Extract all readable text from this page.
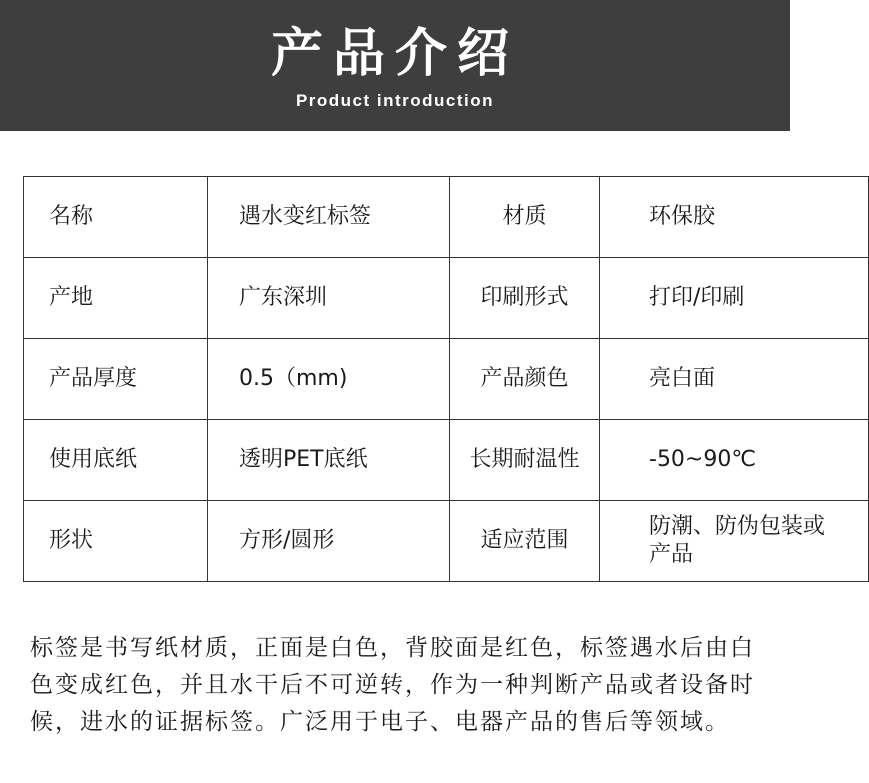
产品介绍
Product introduction
名称	遇水变红标签	材质	环保胶
产地	广东深圳	印刷形式	打印/印刷
产品厚度	0.5（mm)	产品颜色	亮白面
使用底纸	透明PET底纸	长期耐温性	-50~90℃
形状	方形/圆形	适应范围	防潮、防伪包装或产品
标签是书写纸材质，正面是白色，背胶面是红色，标签遇水后由白色变成红色，并且水干后不可逆转，作为一种判断产品或者设备时候，进水的证据标签。广泛用于电子、电器产品的售后等领域。
